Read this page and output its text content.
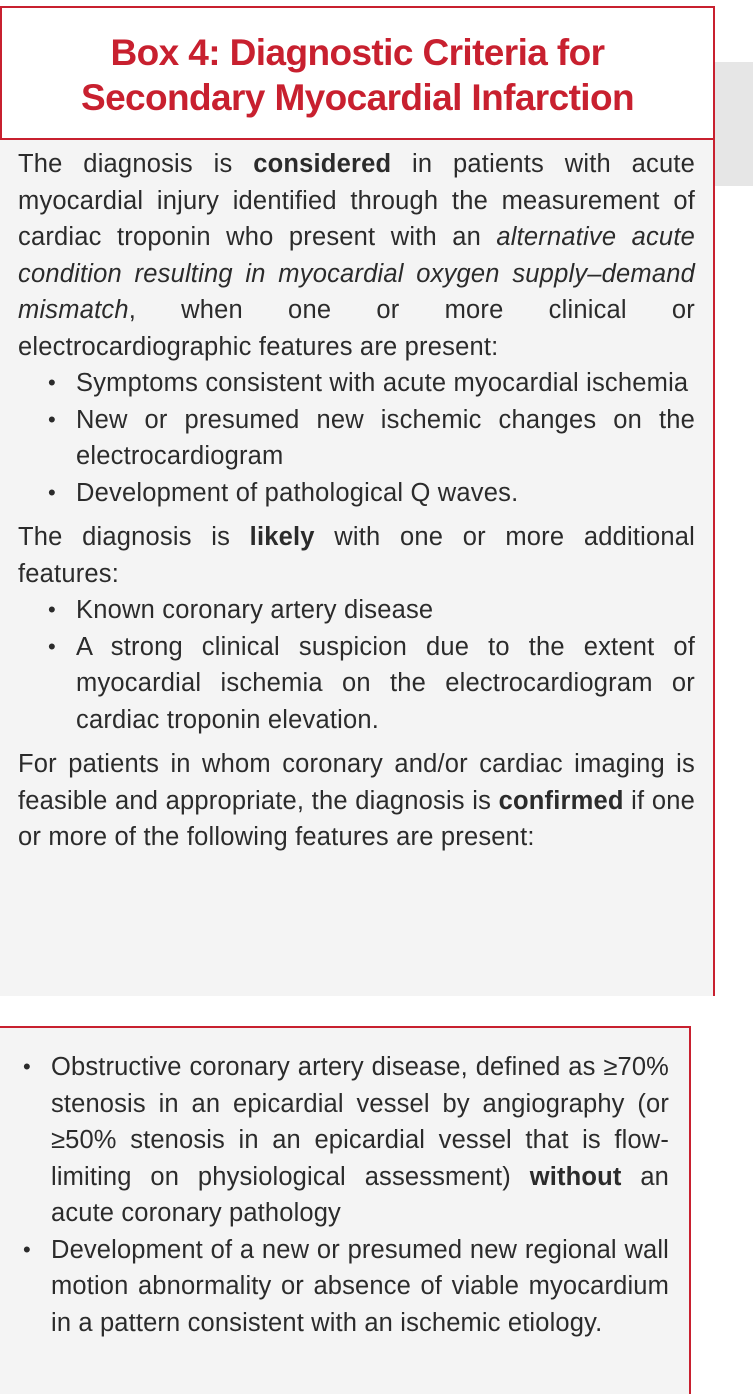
Box 4: Diagnostic Criteria for
Secondary Myocardial Infarction

The diagnosis is considered in patients with acute myocardial injury identified through the measurement of cardiac troponin who present with an alternative acute condition resulting in myocardial oxygen supply–demand mismatch, when one or more clinical or electrocardiographic features are present:

• Symptoms consistent with acute myocardial ischemia
• New or presumed new ischemic changes on the electrocardiogram
• Development of pathological Q waves.

The diagnosis is likely with one or more additional features:

• Known coronary artery disease
• A strong clinical suspicion due to the extent of myocardial ischemia on the electrocardiogram or cardiac troponin elevation.

For patients in whom coronary and/or cardiac imaging is feasible and appropriate, the diagnosis is confirmed if one or more of the following features are present:

• Obstructive coronary artery disease, defined as ≥70% stenosis in an epicardial vessel by angiography (or ≥50% stenosis in an epicardial vessel that is flow-limiting on physiological assessment) without an acute coronary pathology
• Development of a new or presumed new regional wall motion abnormality or absence of viable myocardium in a pattern consistent with an ischemic etiology.
